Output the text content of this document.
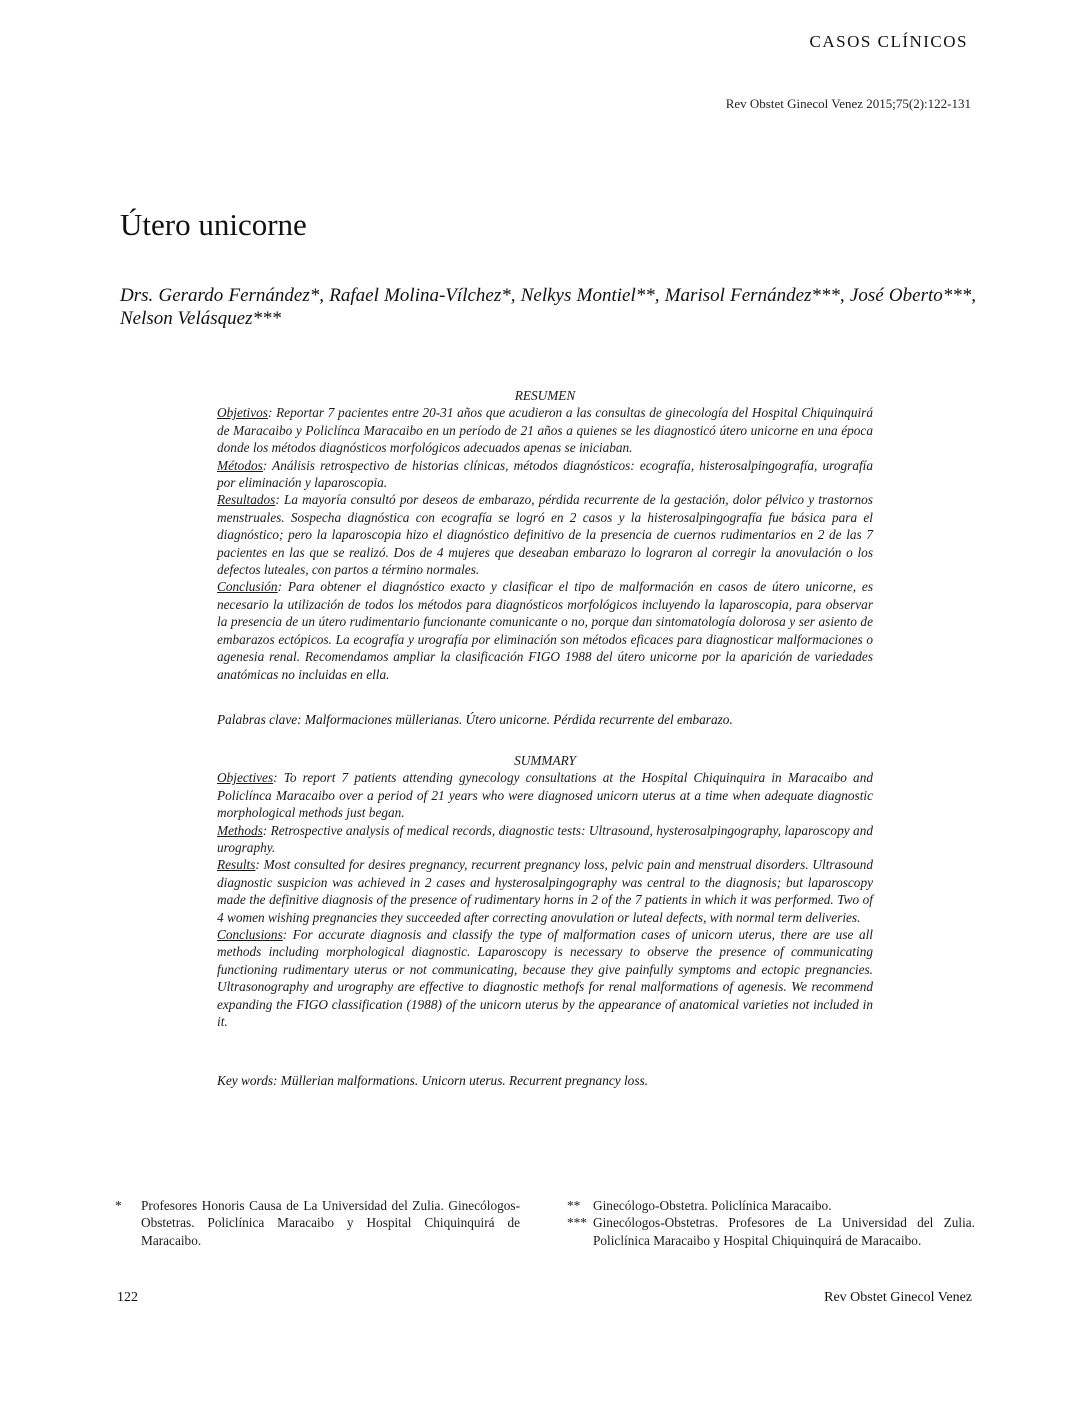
CASOS CLÍNICOS
Rev Obstet Ginecol Venez 2015;75(2):122-131
Útero unicorne
Drs. Gerardo Fernández*, Rafael Molina-Vílchez*, Nelkys Montiel**, Marisol Fernández***, José Oberto***, Nelson Velásquez***

RESUMEN

Objetivos: Reportar 7 pacientes entre 20-31 años que acudieron a las consultas de ginecología del Hospital Chiquinquirá de Maracaibo y Policlínca Maracaibo en un período de 21 años a quienes se les diagnosticó útero unicorne en una época donde los métodos diagnósticos morfológicos adecuados apenas se iniciaban.

Métodos: Análisis retrospectivo de historias clínicas, métodos diagnósticos: ecografía, histerosalpingografía, urografía por eliminación y laparoscopia.

Resultados: La mayoría consultó por deseos de embarazo, pérdida recurrente de la gestación, dolor pélvico y trastornos menstruales. Sospecha diagnóstica con ecografía se logró en 2 casos y la histerosalpingografía fue básica para el diagnóstico; pero la laparoscopia hizo el diagnóstico definitivo de la presencia de cuernos rudimentarios en 2 de las 7 pacientes en las que se realizó. Dos de 4 mujeres que deseaban embarazo lo lograron al corregir la anovulación o los defectos luteales, con partos a término normales.

Conclusión: Para obtener el diagnóstico exacto y clasificar el tipo de malformación en casos de útero unicorne, es necesario la utilización de todos los métodos para diagnósticos morfológicos incluyendo la laparoscopia, para observar la presencia de un útero rudimentario funcionante comunicante o no, porque dan sintomatología dolorosa y ser asiento de embarazos ectópicos. La ecografía y urografía por eliminación son métodos eficaces para diagnosticar malformaciones o agenesia renal. Recomendamos ampliar la clasificación FIGO 1988 del útero unicorne por la aparición de variedades anatómicas no incluidas en ella.

Palabras clave: Malformaciones müllerianas. Útero unicorne. Pérdida recurrente del embarazo.

SUMMARY

Objectives: To report 7 patients attending gynecology consultations at the Hospital Chiquinquira in Maracaibo and Policlínca Maracaibo over a period of 21 years who were diagnosed unicorn uterus at a time when adequate diagnostic morphological methods just began.

Methods: Retrospective analysis of medical records, diagnostic tests: Ultrasound, hysterosalpingography, laparoscopy and urography.

Results: Most consulted for desires pregnancy, recurrent pregnancy loss, pelvic pain and menstrual disorders. Ultrasound diagnostic suspicion was achieved in 2 cases and hysterosalpingography was central to the diagnosis; but laparoscopy made the definitive diagnosis of the presence of rudimentary horns in 2 of the 7 patients in which it was performed. Two of 4 women wishing pregnancies they succeeded after correcting anovulation or luteal defects, with normal term deliveries.

Conclusions: For accurate diagnosis and classify the type of malformation cases of unicorn uterus, there are use all methods including morphological diagnostic. Laparoscopy is necessary to observe the presence of communicating functioning rudimentary uterus or not communicating, because they give painfully symptoms and ectopic pregnancies. Ultrasonography and urography are effective to diagnostic methofs for renal malformations of agenesis. We recommend expanding the FIGO classification (1988) of the unicorn uterus by the appearance of anatomical varieties not included in it.

Key words: Müllerian malformations. Unicorn uterus. Recurrent pregnancy loss.
*	Profesores Honoris Causa de La Universidad del Zulia. Ginecólogos-Obstetras. Policlínica Maracaibo y Hospital Chiquinquirá de Maracaibo.
** Ginecólogo-Obstetra. Policlínica Maracaibo.
*** Ginecólogos-Obstetras. Profesores de La Universidad del Zulia. Policlínica Maracaibo y Hospital Chiquinquirá de Maracaibo.
122	Rev Obstet Ginecol Venez
